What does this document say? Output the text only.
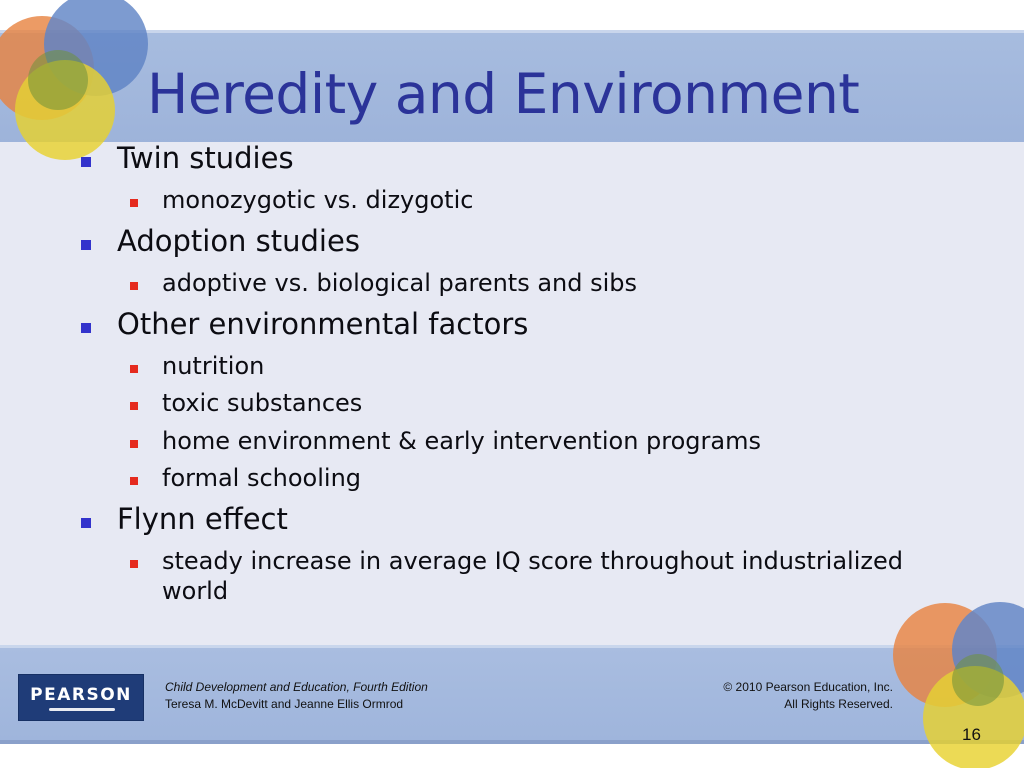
Heredity and Environment
Twin studies
monozygotic vs. dizygotic
Adoption studies
adoptive vs. biological parents and sibs
Other environmental factors
nutrition
toxic substances
home environment & early intervention programs
formal schooling
Flynn effect
steady increase in average IQ score throughout industrialized world
PEARSON	Child Development and Education, Fourth Edition
Teresa M. McDevitt and Jeanne Ellis Ormrod
© 2010 Pearson Education, Inc.
All Rights Reserved.
16
